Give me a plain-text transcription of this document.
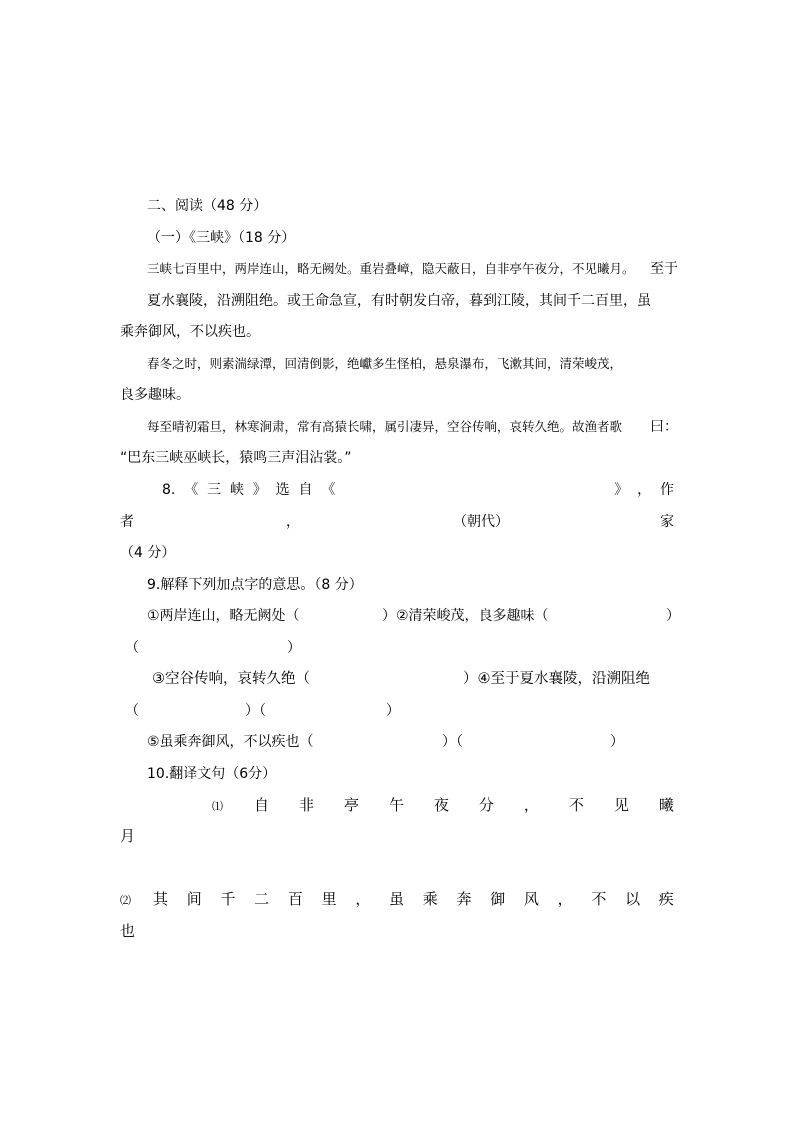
二、阅读（48 分）
（一）《三峡》（18 分）
三峡七百里中，两岸连山，略无阙处。重岩叠嶂，隐天蔽日，自非亭午夜分，不见曦月。 至于
夏水襄陵，沿溯阻绝。或王命急宣，有时朝发白帝，暮到江陵，其间千二百里，虽
乘奔御风，不以疾也。
春冬之时，则素湍绿潭，回清倒影，绝巘多生怪柏，悬泉瀑布，飞漱其间，清荣峻茂，
良多趣味。
每至晴初霜旦，林寒涧肃，常有高猿长啸，属引凄异，空谷传响，哀转久绝。故渔者歌 曰：
“巴东三峡巫峡长，猿鸣三声泪沾裳。”
8. 《 三 峡 》 选 自 《	》 ， 作
者	，	（朝代）	家
（4 分）
9.解释下列加点字的意思。（8 分）
①两岸连山，略无阙处（	）②清荣峻茂，良多趣味（	）
（	）
③空谷传响，哀转久绝（	）④至于夏水襄陵，沿溯阻绝
（	）（	）
⑤虽乘奔御风，不以疾也（	）（	）
10.翻译文句（6分）
⑴ 自 非 亭 午 夜 分 ， 不 见 曦
月
⑵ 其 间 千 二 百 里 ， 虽 乘 奔 御 风 ， 不 以 疾
也
